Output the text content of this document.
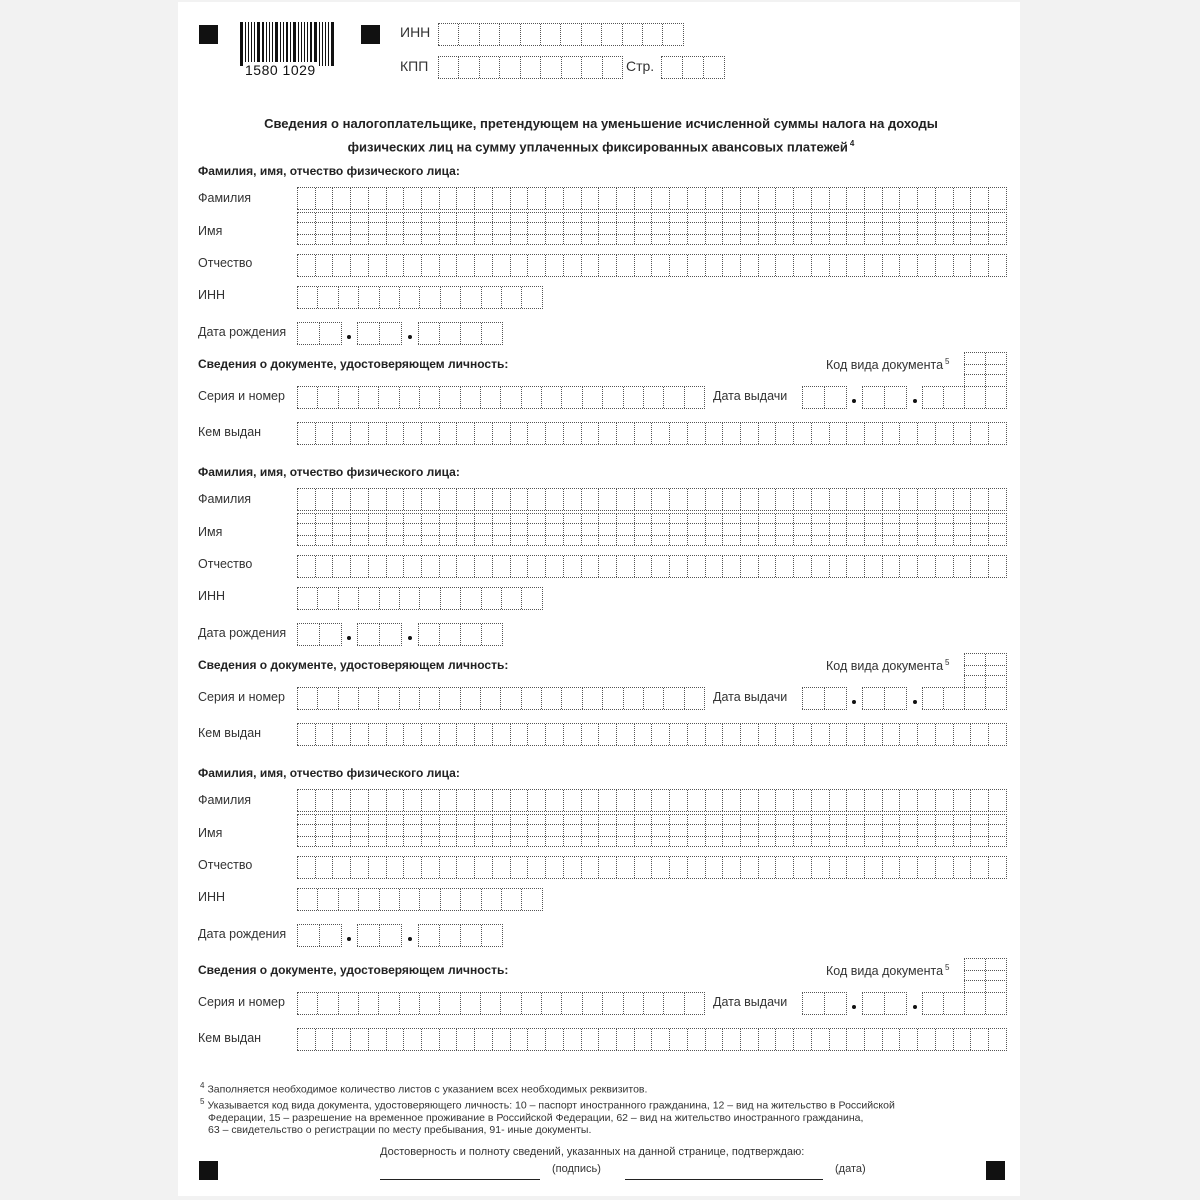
1580 1029
ИНН
КПП	Стр.
Сведения о налогоплательщике, претендующем на уменьшение исчисленной суммы налога на доходы
физических лиц на сумму уплаченных фиксированных авансовых платежей $^4$
Фамилия, имя, отчество физического лица:
Фамилия
Имя
Отчество
ИНН
Дата рождения
Сведения о документе, удостоверяющем личность:	Код вида документа $^5$
Серия и номер	Дата выдачи
Кем выдан
Фамилия, имя, отчество физического лица:
Фамилия
Имя
Отчество
ИНН
Дата рождения
Сведения о документе, удостоверяющем личность:	Код вида документа $^5$
Серия и номер	Дата выдачи
Кем выдан
Фамилия, имя, отчество физического лица:
Фамилия
Имя
Отчество
ИНН
Дата рождения
Сведения о документе, удостоверяющем личность:	Код вида документа $^5$
Серия и номер	Дата выдачи
Кем выдан
$^4$ Заполняется необходимое количество листов с указанием всех необходимых реквизитов.
$^5$ Указывается код вида документа, удостоверяющего личность: 10 – паспорт иностранного гражданина, 12 – вид на жительство в Российской
Федерации, 15 – разрешение на временное проживание в Российской Федерации, 62 – вид на жительство иностранного гражданина,
63 – свидетельство о регистрации по месту пребывания, 91- иные документы.
Достоверность и полноту сведений, указанных на данной странице, подтверждаю:
(подпись)	(дата)
